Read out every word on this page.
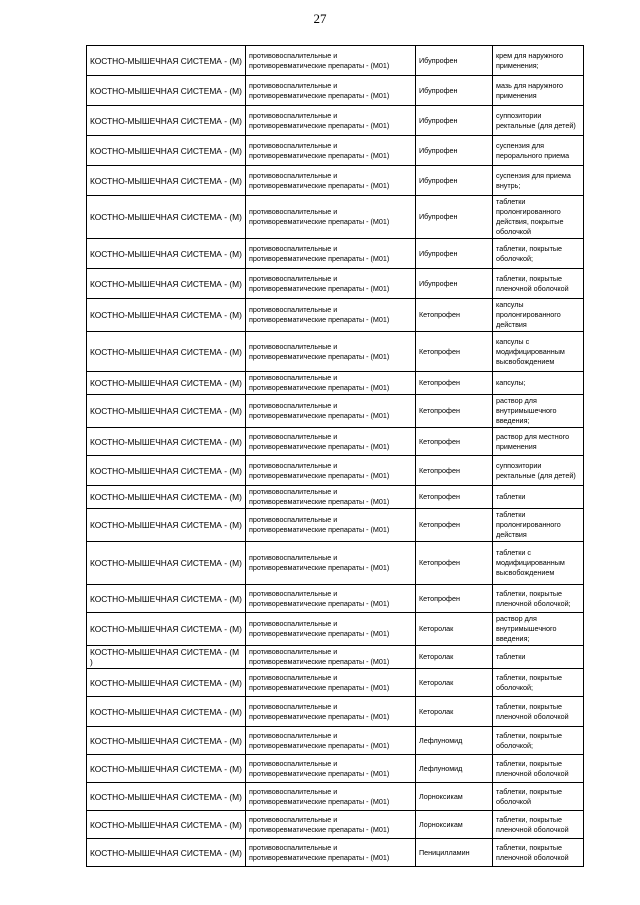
27
КОСТНО-МЫШЕЧНАЯ СИСТЕМА - (М)	противовоспалительные и противоревматические препараты - (М01)	Ибупрофен	крем для наружного применения;
КОСТНО-МЫШЕЧНАЯ СИСТЕМА - (М)	противовоспалительные и противоревматические препараты - (М01)	Ибупрофен	мазь для наружного применения
КОСТНО-МЫШЕЧНАЯ СИСТЕМА - (М)	противовоспалительные и противоревматические препараты - (М01)	Ибупрофен	суппозитории ректальные (для детей)
КОСТНО-МЫШЕЧНАЯ СИСТЕМА - (М)	противовоспалительные и противоревматические препараты - (М01)	Ибупрофен	суспензия для перорального приема
КОСТНО-МЫШЕЧНАЯ СИСТЕМА - (М)	противовоспалительные и противоревматические препараты - (М01)	Ибупрофен	суспензия для приема внутрь;
КОСТНО-МЫШЕЧНАЯ СИСТЕМА - (М)	противовоспалительные и противоревматические препараты - (М01)	Ибупрофен	таблетки пролонгированного действия, покрытые оболочкой
КОСТНО-МЫШЕЧНАЯ СИСТЕМА - (М)	противовоспалительные и противоревматические препараты - (М01)	Ибупрофен	таблетки, покрытые оболочкой;
КОСТНО-МЫШЕЧНАЯ СИСТЕМА - (М)	противовоспалительные и противоревматические препараты - (М01)	Ибупрофен	таблетки, покрытые пленочной оболочкой
КОСТНО-МЫШЕЧНАЯ СИСТЕМА - (М)	противовоспалительные и противоревматические препараты - (М01)	Кетопрофен	капсулы пролонгированного действия
КОСТНО-МЫШЕЧНАЯ СИСТЕМА - (М)	противовоспалительные и противоревматические препараты - (М01)	Кетопрофен	капсулы с модифицированным высвобождением
КОСТНО-МЫШЕЧНАЯ СИСТЕМА - (М)	противовоспалительные и противоревматические препараты - (М01)	Кетопрофен	капсулы;
КОСТНО-МЫШЕЧНАЯ СИСТЕМА - (М)	противовоспалительные и противоревматические препараты - (М01)	Кетопрофен	раствор для внутримышечного введения;
КОСТНО-МЫШЕЧНАЯ СИСТЕМА - (М)	противовоспалительные и противоревматические препараты - (М01)	Кетопрофен	раствор для местного применения
КОСТНО-МЫШЕЧНАЯ СИСТЕМА - (М)	противовоспалительные и противоревматические препараты - (М01)	Кетопрофен	суппозитории ректальные (для детей)
КОСТНО-МЫШЕЧНАЯ СИСТЕМА - (М)	противовоспалительные и противоревматические препараты - (М01)	Кетопрофен	таблетки
КОСТНО-МЫШЕЧНАЯ СИСТЕМА - (М)	противовоспалительные и противоревматические препараты - (М01)	Кетопрофен	таблетки пролонгированного действия
КОСТНО-МЫШЕЧНАЯ СИСТЕМА - (М)	противовоспалительные и противоревматические препараты - (М01)	Кетопрофен	таблетки с модифицированным высвобождением
КОСТНО-МЫШЕЧНАЯ СИСТЕМА - (М)	противовоспалительные и противоревматические препараты - (М01)	Кетопрофен	таблетки, покрытые пленочной оболочкой;
КОСТНО-МЫШЕЧНАЯ СИСТЕМА - (М)	противовоспалительные и противоревматические препараты - (М01)	Кеторолак	раствор для внутримышечного введения;
КОСТНО-МЫШЕЧНАЯ СИСТЕМА - (М )	противовоспалительные и противоревматические препараты - (М01)	Кеторолак	таблетки
КОСТНО-МЫШЕЧНАЯ СИСТЕМА - (М)	противовоспалительные и противоревматические препараты - (М01)	Кеторолак	таблетки, покрытые оболочкой;
КОСТНО-МЫШЕЧНАЯ СИСТЕМА - (М)	противовоспалительные и противоревматические препараты - (М01)	Кеторолак	таблетки, покрытые пленочной оболочкой
КОСТНО-МЫШЕЧНАЯ СИСТЕМА - (М)	противовоспалительные и противоревматические препараты - (М01)	Лефлуномид	таблетки, покрытые оболочкой;
КОСТНО-МЫШЕЧНАЯ СИСТЕМА - (М)	противовоспалительные и противоревматические препараты - (М01)	Лефлуномид	таблетки, покрытые пленочной оболочкой
КОСТНО-МЫШЕЧНАЯ СИСТЕМА - (М)	противовоспалительные и противоревматические препараты - (М01)	Лорноксикам	таблетки, покрытые оболочкой
КОСТНО-МЫШЕЧНАЯ СИСТЕМА - (М)	противовоспалительные и противоревматические препараты - (М01)	Лорноксикам	таблетки, покрытые пленочной оболочкой
КОСТНО-МЫШЕЧНАЯ СИСТЕМА - (М)	противовоспалительные и противоревматические препараты - (М01)	Пеницилламин	таблетки, покрытые пленочной оболочкой
